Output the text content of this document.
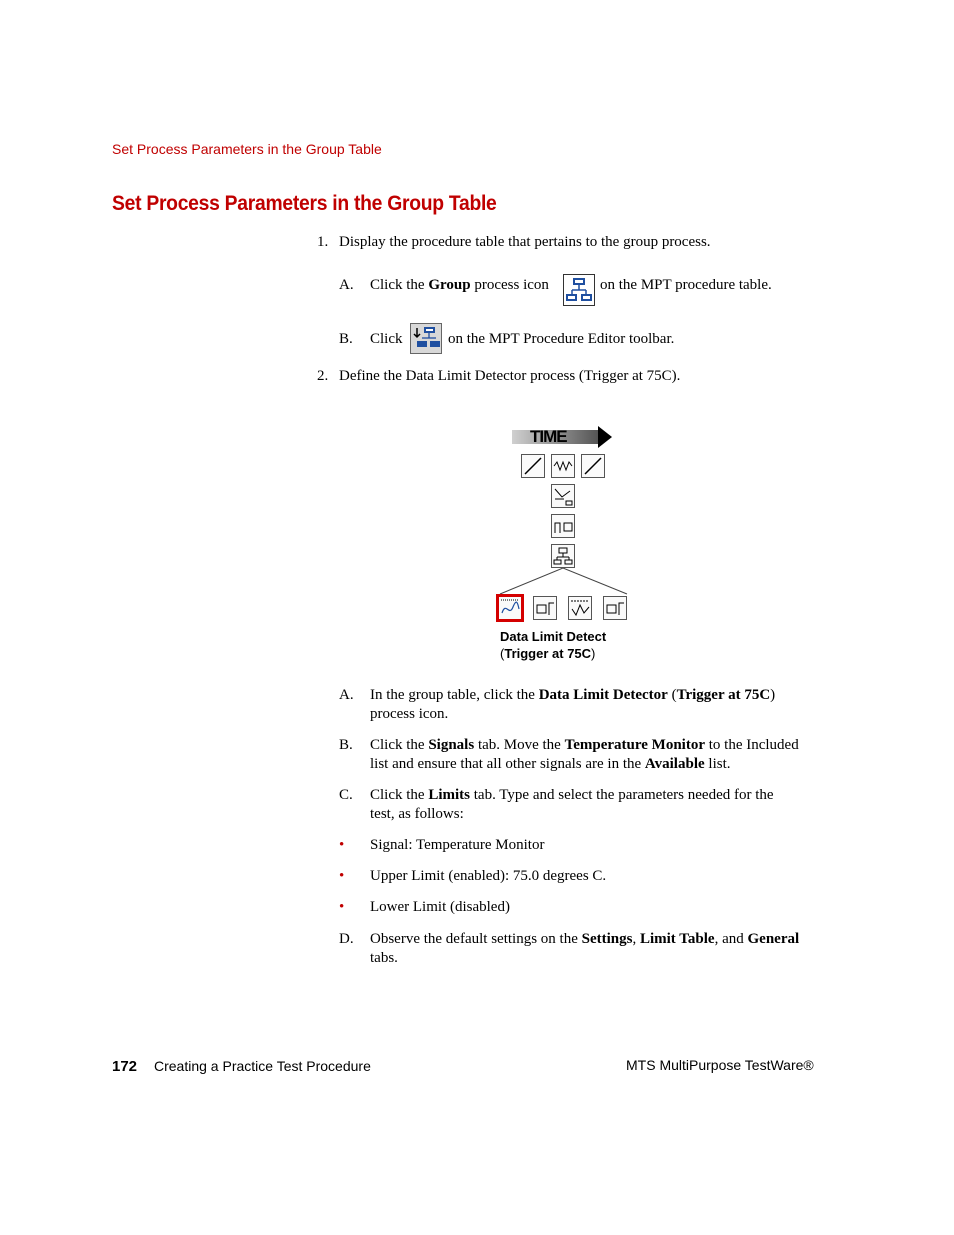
Set Process Parameters in the Group Table
Set Process Parameters in the Group Table
1. Display the procedure table that pertains to the group process.
A. Click the Group process icon	on the MPT procedure table.
B. Click	on the MPT Procedure Editor toolbar.
2. Define the Data Limit Detector process (Trigger at 75C).
TIME
Data Limit Detect
(Trigger at 75C)
A. In the group table, click the Data Limit Detector (Trigger at 75C)
process icon.
B. Click the Signals tab. Move the Temperature Monitor to the Included
list and ensure that all other signals are in the Available list.
C. Click the Limits tab. Type and select the parameters needed for the
test, as follows:
• Signal: Temperature Monitor
• Upper Limit (enabled): 75.0 degrees C.
• Lower Limit (disabled)
D. Observe the default settings on the Settings, Limit Table, and General
tabs.
172 Creating a Practice Test Procedure	MTS MultiPurpose TestWare®
